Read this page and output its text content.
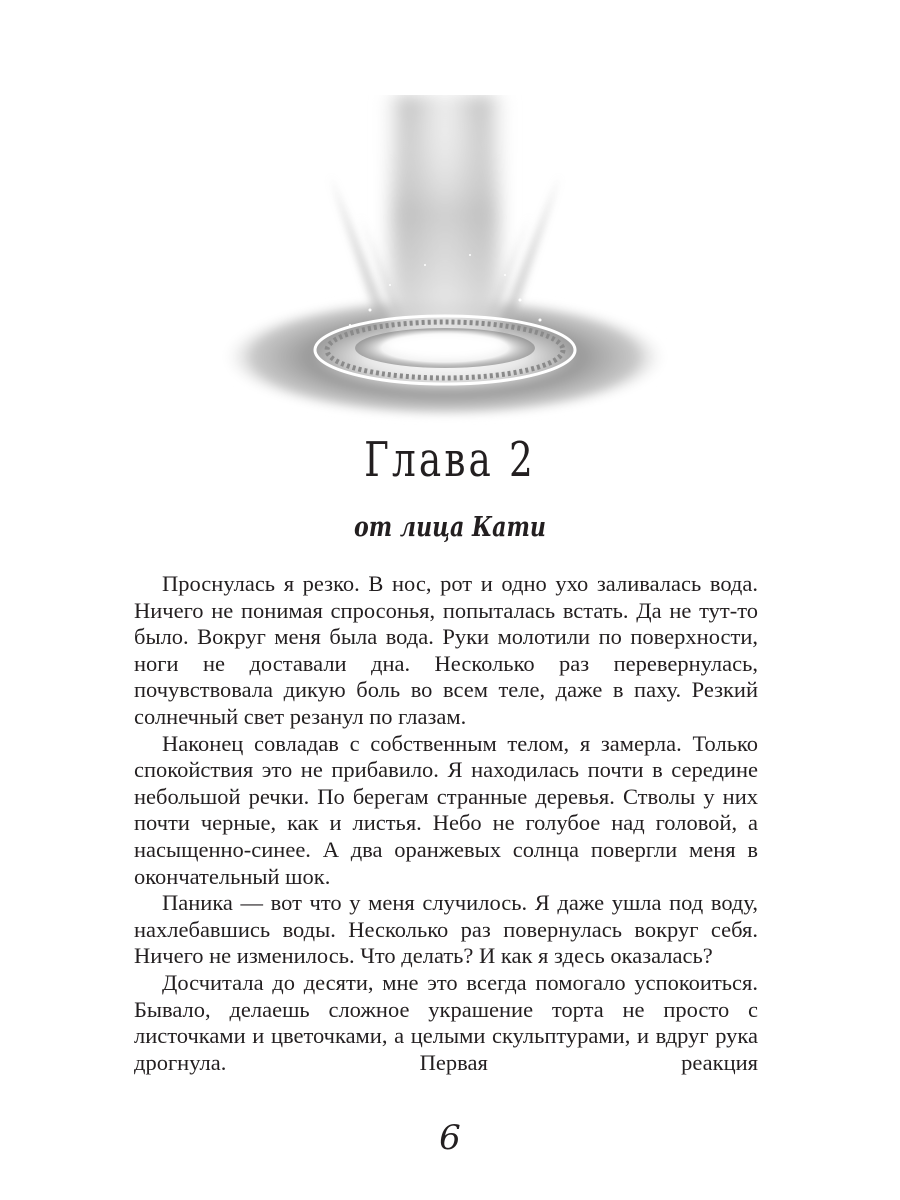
Глава 2
от лица Кати

Проснулась я резко. В нос, рот и одно ухо заливалась вода. Ничего не понимая спросонья, попыталась встать. Да не тут-то было. Вокруг меня была вода. Руки молотили по поверхности, ноги не доставали дна. Несколько раз перевернулась, почувствовала дикую боль во всем теле, даже в паху. Резкий солнечный свет резанул по глазам.

Наконец совладав с собственным телом, я замерла. Только спокойствия это не прибавило. Я находилась почти в середине небольшой речки. По берегам странные деревья. Стволы у них почти черные, как и листья. Небо не голубое над головой, а насыщенно-синее. А два оранжевых солнца повергли меня в окончательный шок.

Паника — вот что у меня случилось. Я даже ушла под воду, нахлебавшись воды. Несколько раз повернулась вокруг себя. Ничего не изменилось. Что делать? И как я здесь оказалась?

Досчитала до десяти, мне это всегда помогало успокоиться. Бывало, делаешь сложное украшение торта не просто с листочками и цветочками, а целыми скульптурами, и вдруг рука дрогнула. Первая реакция

6
